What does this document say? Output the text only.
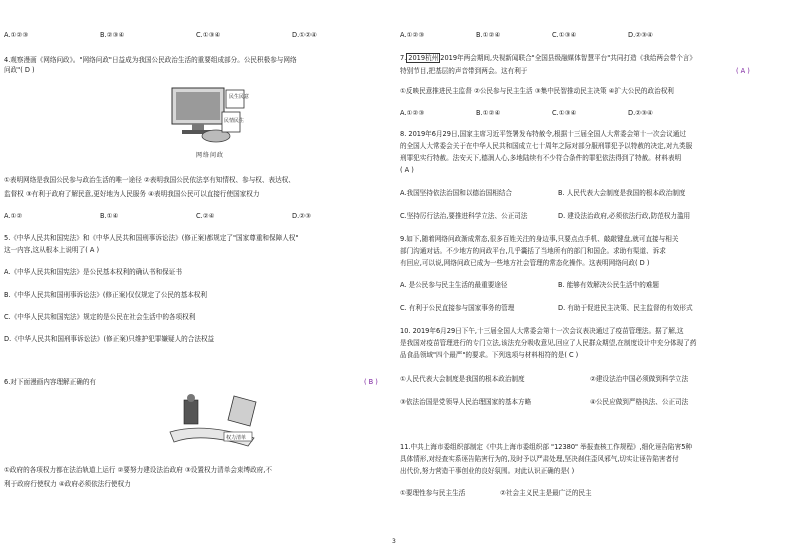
A.①②③	B.②③④	C.①③④	D.①②④

4.观察漫画《网络问政》。"网络问政"日益成为我国公民政治生活的重要组成部分。公民积极参与网络

问政"( D )

民生民意
民情民生
网络问政

①表明网络是我国公民参与政治生活的唯一途径 ②表明我国公民依法享有知情权、参与权、表达权、

监督权 ③有利于政府了解民意,更好地为人民服务 ④表明我国公民可以直接行使国家权力

A.①②	B.①④	C.②④	D.②③

5.《中华人民共和国宪法》和《中华人民共和国刑事诉讼法》(修正案)都规定了"国家尊重和保障人权"

这一内容,这从根本上说明了( A )

A.《中华人民共和国宪法》是公民基本权利的确认书和保证书

B.《中华人民共和国刑事诉讼法》(修正案)仅仅规定了公民的基本权利

C.《中华人民共和国宪法》规定的是公民在社会生活中的各项权利

D.《中华人民共和国刑事诉讼法》(修正案)只维护犯罪嫌疑人的合法权益

6.对下面漫画内容理解正确的有	( B )
权力清单

①政府的各项权力都在法治轨道上运行 ②要努力建设法治政府 ③设置权力清单会束缚政府,不

利于政府行使权力 ④政府必须依法行使权力

A.①②③	B.①②④	C.①③④	D.②③④

7. 2019杭州 2019年两会期间,央视新闻联合"全国县级融媒体智慧平台"共同打造《我给两会带个言》

特别节目,把基层的声音带到两会。这有利于	( A )

①反映民意推进民主监督 ②公民参与民主生活 ③集中民智推动民主决策 ④扩大公民的政治权利

A.①②③	B.①②④	C.①③④	D.②③④

8. 2019年6月29日,国家主席习近平签署发布特赦令,根据十三届全国人大常委会第十一次会议通过

的全国人大常委会关于在中华人民共和国成立七十周年之际对部分服刑罪犯予以特赦的决定,对九类服

刑罪犯实行特赦。法安天下,德润人心,多地陆续有不少符合条件的罪犯依法得到了特赦。材料表明

( A )

A.我国坚持依法治国和以德治国相结合	B. 人民代表大会制度是我国的根本政治制度
C.坚持厉行法治,要推进科学立法、公正司法	D. 建设法治政府,必须依法行政,防范权力滥用

9.如下,随着网络问政渐成常态,很多百姓关注的身边事,只要点点手机、敲敲键盘,就可直接与相关

部门沟通对话。不少地方的问政平台,几乎囊括了当地所有的部门和国企。求助有渠道、诉求

有回应,可以说,网络问政已成为一些地方社会管理的常态化操作。这表明网络问政( D )

A. 是公民参与民主生活的最重要途径	B. 能够有效解决公民生活中的难题
C. 有利于公民直接参与国家事务的管理	D. 有助于促进民主决策、民主监督的有效形式

10. 2019年6月29日下午,十三届全国人大常委会第十一次会议表决通过了疫苗管理法。据了解,这

是我国对疫苗管理进行的专门立法,该法充分吸收意见,回应了人民群众期望,在制度设计中充分体现了药

品食品领域"四个最严"的要求。下列选项与材料相符的是( C )

①人民代表大会制度是我国的根本政治制度	②建设法治中国必须做到科学立法
③依法治国是党领导人民治理国家的基本方略	④公民应做到严格执法、公正司法

11.中共上海市委组织部制定《中共上海市委组织部 "12380" 举报查核工作规程》,细化诬告陷害5种

具体情形,对经查实系诬告陷害行为的,及时予以严肃处理,坚决刹住歪风邪气,切实让诬告陷害者付

出代价,努力营造干事创业的良好氛围。对此认识正确的是( )

①要理性参与民主生活	②社会主义民主是最广泛的民主
3
